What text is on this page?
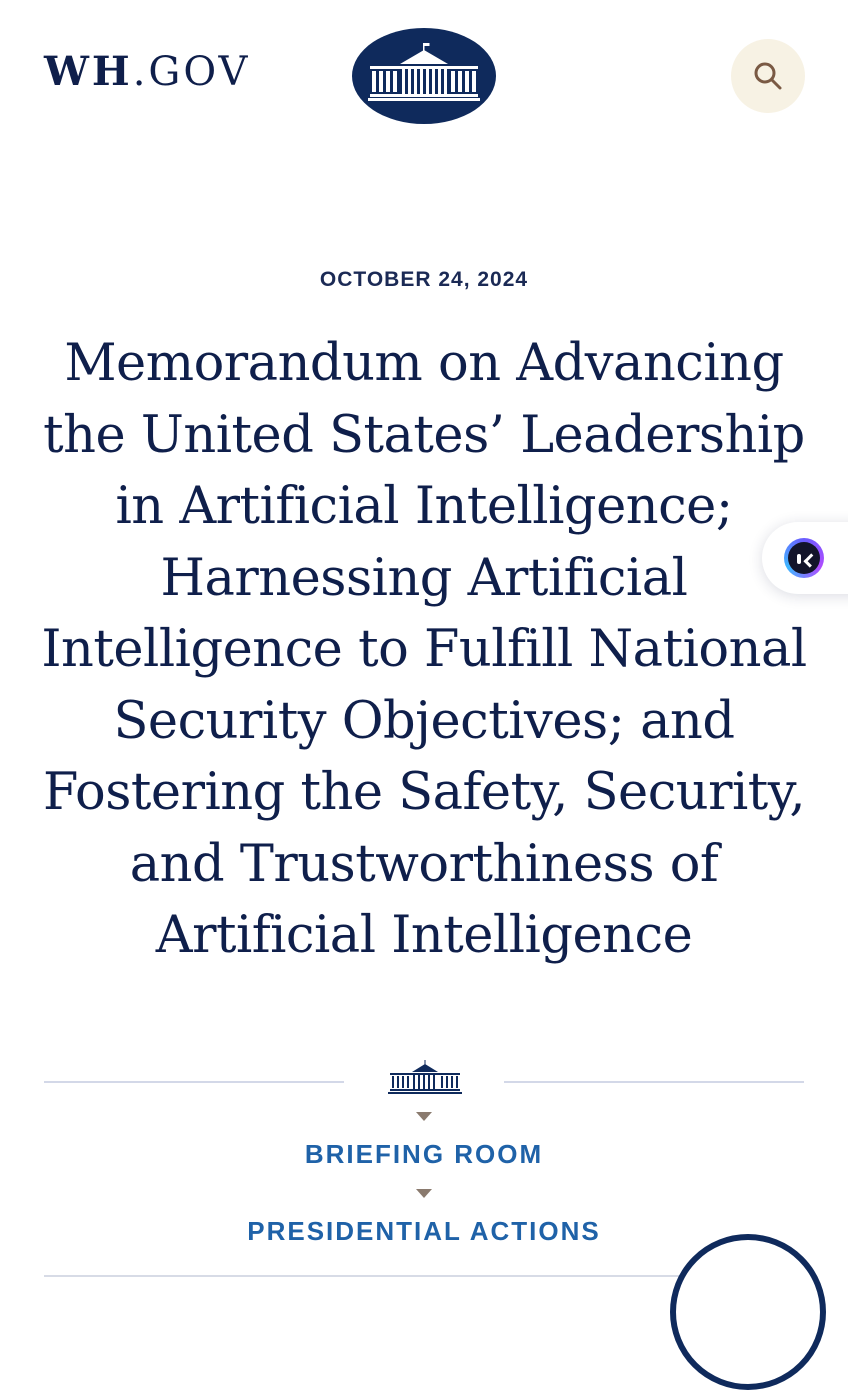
WH.GOV
OCTOBER 24, 2024
Memorandum on Advancing the United States’ Leadership in Artificial Intelligence; Harnessing Artificial Intelligence to Fulfill National Security Objectives; and Fostering the Safety, Security, and Trustworthiness of Artificial Intelligence
BRIEFING ROOM
PRESIDENTIAL ACTIONS
